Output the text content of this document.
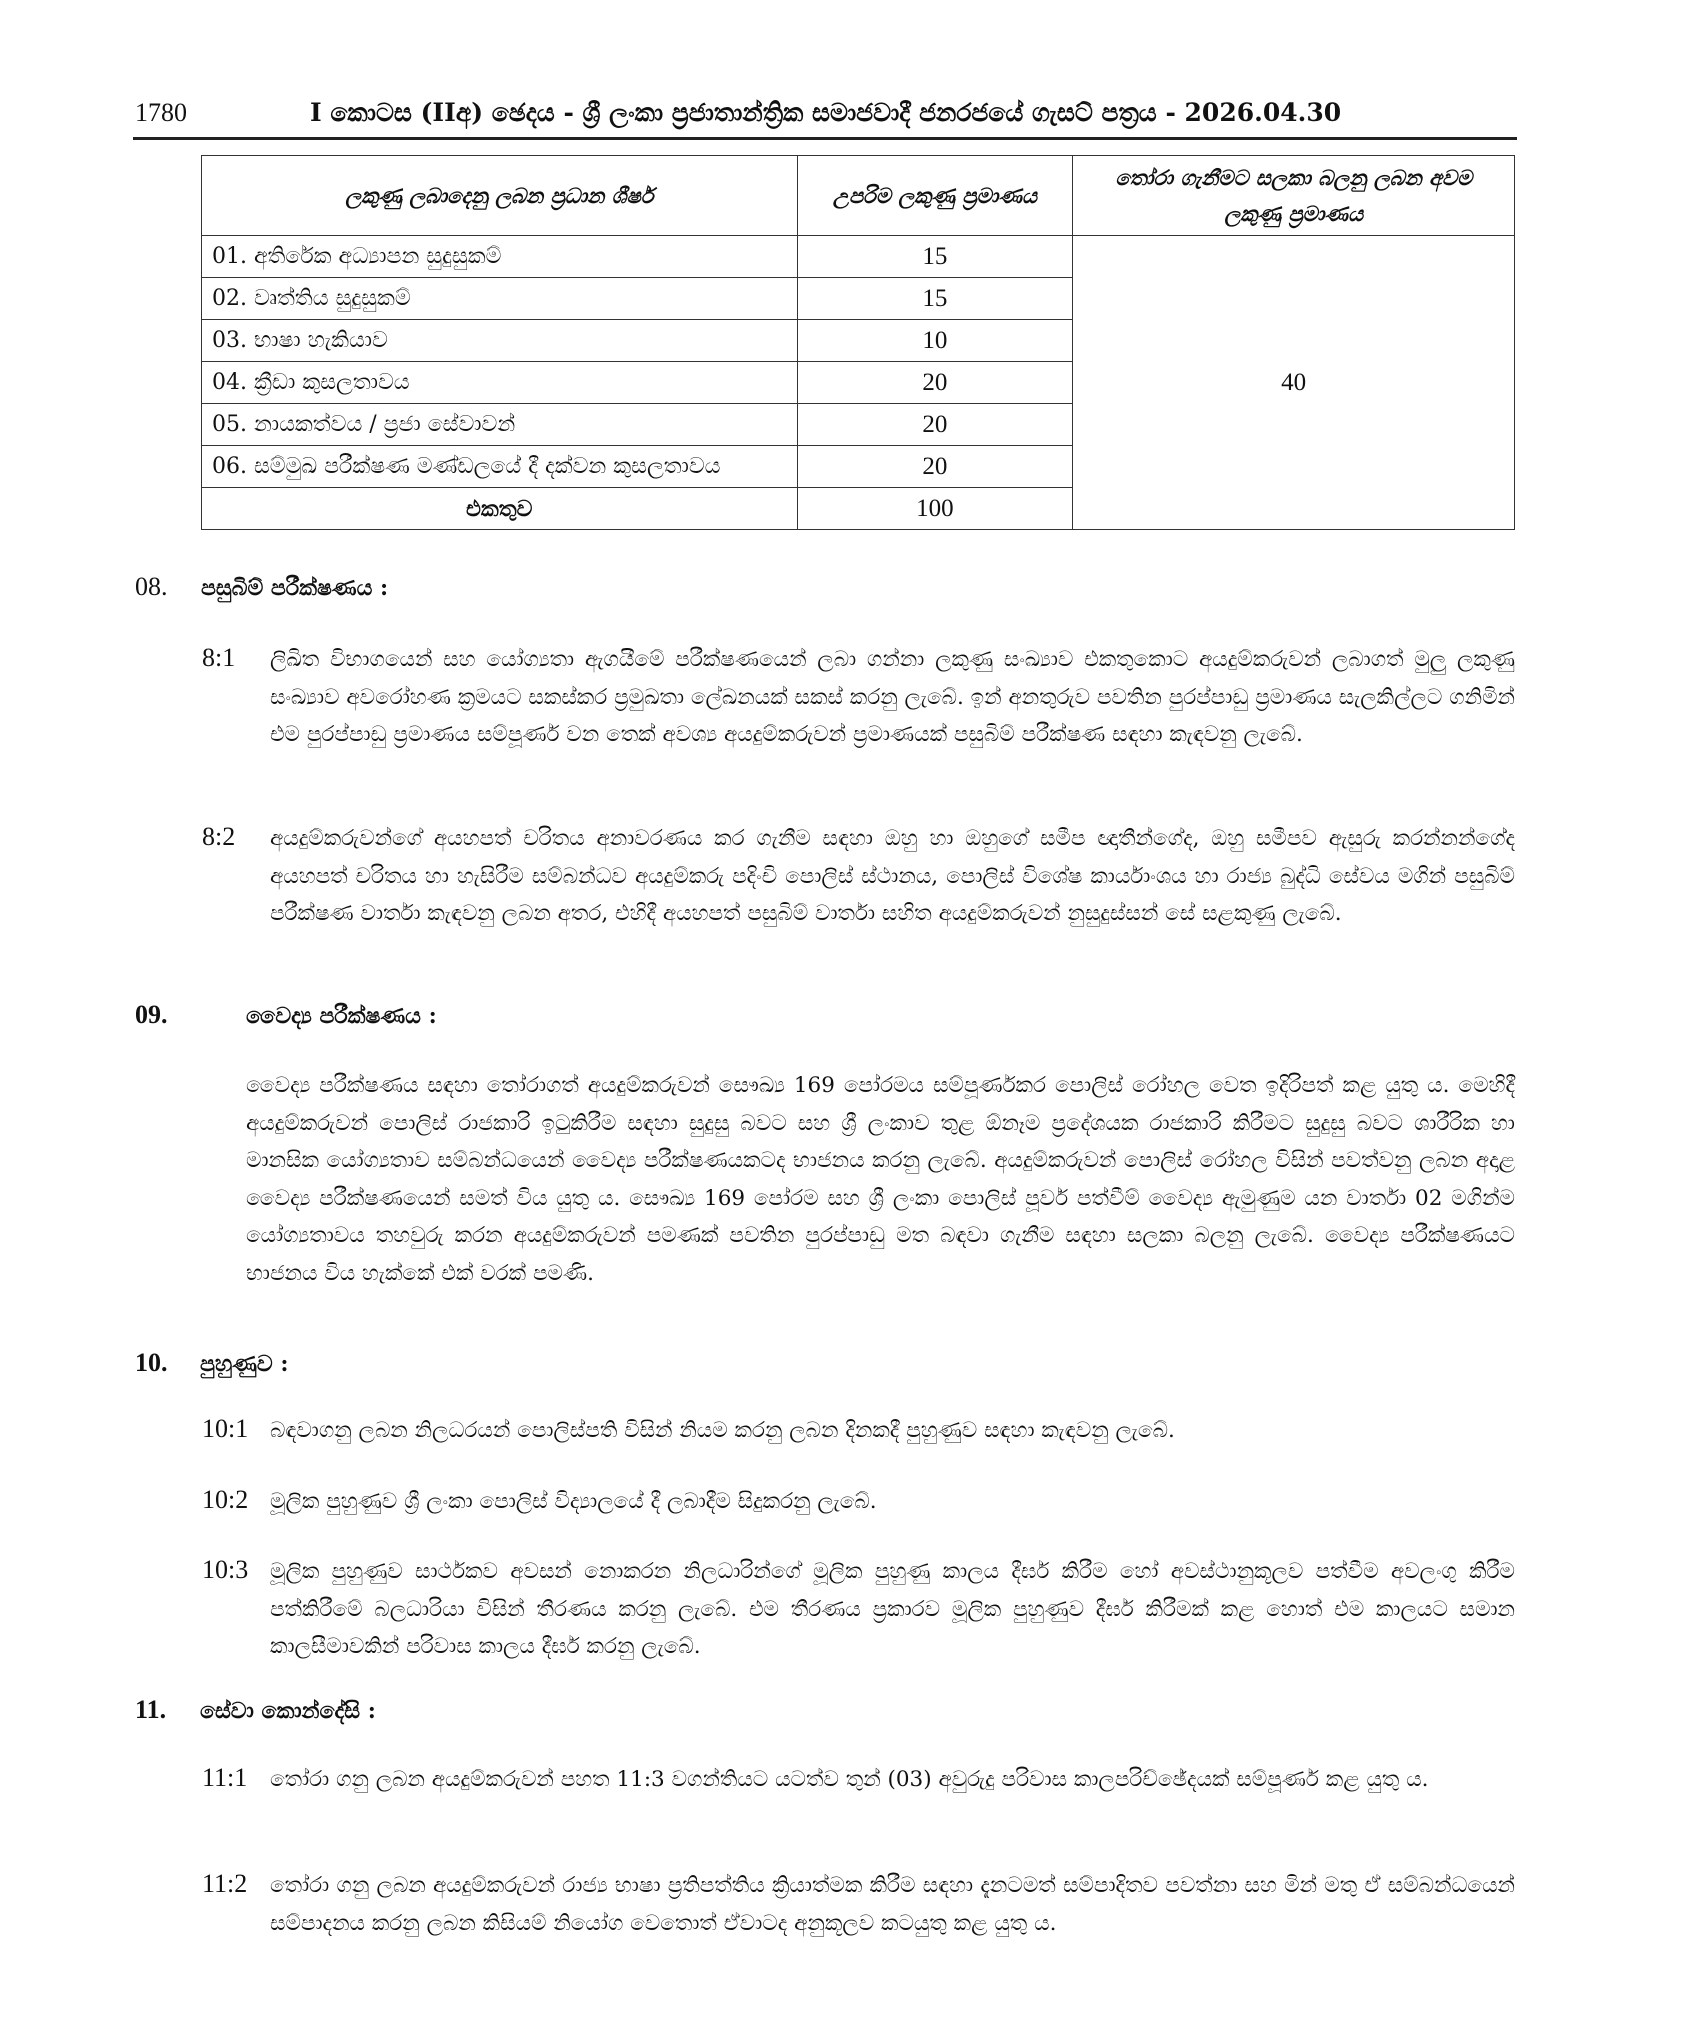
1780	I කොටස (IIඅ) ඡෙදය - ශ්‍රී ලංකා ප්‍රජාතාන්ත්‍රික සමාජවාදී ජනරජයේ ගැසට් පත්‍රය - 2026.04.30
ලකුණු ලබාදෙනු ලබන ප්‍රධාන ශීර්ෂ	උපරිම ලකුණු ප්‍රමාණය	තෝරා ගැනීමට සලකා බලනු ලබන අවම ලකුණු ප්‍රමාණය
01. අතිරේක අධ්‍යාපන සුදුසුකම්	15	40
02. වෘත්තිය සුදුසුකම්	15	
03. භාෂා හැකියාව	10	
04. ක්‍රීඩා කුසලතාවය	20	
05. නායකත්වය / ප්‍රජා සේවාවන්	20	
06. සම්මුඛ පරීක්ෂණ මණ්ඩලයේ දී දක්වන කුසලතාවය	20	
එකතුව	100	
08. පසුබිම් පරීක්ෂණය :
8:1 ලිඛිත විභාගයෙන් සහ යෝග්‍යතා ඇගයීමේ පරීක්ෂණයෙන් ලබා ගන්නා ලකුණු සංඛ්‍යාව එකතුකොට අයදුම්කරුවන් ලබාගත් මුලු ලකුණු සංඛ්‍යාව අවරෝහණ ක්‍රමයට සකස්කර ප්‍රමුඛතා ලේඛනයක් සකස් කරනු ලැබේ. ඉන් අනතුරුව පවතින පුරප්පාඩු ප්‍රමාණය සැලකිල්ලට ගනිමින් එම පුරප්පාඩු ප්‍රමාණය සම්පූර්ණ වන තෙක් අවශ්‍ය අයදුම්කරුවන් ප්‍රමාණයක් පසුබිම් පරීක්ෂණ සඳහා කැඳවනු ලැබේ.
8:2 අයදුම්කරුවන්ගේ අයහපත් චරිතය අනාවරණය කර ගැනීම සඳහා ඔහු හා ඔහුගේ සමීප ඥාතීන්ගේද, ඔහු සමීපව ඇසුරු කරන්නන්ගේද අයහපත් චරිතය හා හැසිරීම සම්බන්ධව අයදුම්කරු පදිංචි පොලිස් ස්ථානය, පොලිස් විශේෂ කාර්යාංශය හා රාජ්‍ය බුද්ධි සේවය මගින් පසුබිම් පරීක්ෂණ වාර්තා කැඳවනු ලබන අතර, එහිදී අයහපත් පසුබිම් වාර්තා සහිත අයදුම්කරුවන් නුසුදුස්සන් සේ සළකුණු ලැබේ.
09.	වෛද්‍ය පරීක්ෂණය :
වෛද්‍ය පරීක්ෂණය සඳහා තෝරාගත් අයදුම්කරුවන් සෞඛ්‍ය 169 පෝරමය සම්පූර්ණකර පොලිස් රෝහල වෙත ඉදිරිපත් කළ යුතු ය. මෙහිදී අයදුම්කරුවන් පොලිස් රාජකාරි ඉටුකිරීම සඳහා සුදුසු බවට සහ ශ්‍රී ලංකාව තුළ ඕනෑම ප්‍රදේශයක රාජකාරි කිරීමට සුදුසු බවට ශාරීරික හා මානසික යෝග්‍යතාව සම්බන්ධයෙන් වෛද්‍ය පරීක්ෂණයකටද භාජනය කරනු ලැබේ. අයදුම්කරුවන් පොලිස් රෝහල විසින් පවත්වනු ලබන අදාළ වෛද්‍ය පරීක්ෂණයෙන් සමත් විය යුතු ය. සෞඛ්‍ය 169 පෝරම සහ ශ්‍රී ලංකා පොලිස් පූර්ව පත්වීම් වෛද්‍ය ඇමුණුම යන වාර්තා 02 මගින්ම යෝග්‍යතාවය තහවුරු කරන අයදුම්කරුවන් පමණක් පවතින පුරප්පාඩු මත බඳවා ගැනීම සඳහා සලකා බලනු ලැබේ. වෛද්‍ය පරීක්ෂණයට භාජනය විය හැක්කේ එක් වරක් පමණි.
10. පුහුණුව :
10:1 බඳවාගනු ලබන නිලධරයන් පොලිස්පති විසින් නියම කරනු ලබන දිනකදී පුහුණුව සඳහා කැඳවනු ලැබේ.
10:2 මූලික පුහුණුව ශ්‍රී ලංකා පොලිස් විද්‍යාලයේ දී ලබාදීම සිදුකරනු ලැබේ.
10:3 මූලික පුහුණුව සාර්ථකව අවසන් නොකරන නිලධාරින්ගේ මූලික පුහුණු කාලය දීර්ඝ කිරීම හෝ අවස්ථානුකූලව පත්වීම අවලංගු කිරීම පත්කිරීමේ බලධාරියා විසින් තීරණය කරනු ලැබේ. එම තීරණය ප්‍රකාරව මූලික පුහුණුව දීර්ඝ කිරීමක් කළ හොත් එම කාලයට සමාන කාලසීමාවකින් පරිවාස කාලය දීර්ඝ කරනු ලැබේ.
11. සේවා කොන්දේසි :
11:1 තෝරා ගනු ලබන අයදුම්කරුවන් පහත 11:3 වගන්තියට යටත්ව තුන් (03) අවුරුදු පරිවාස කාලපරිච්ඡේදයක් සම්පූර්ණ කළ යුතු ය.
11:2 තෝරා ගනු ලබන අයදුම්කරුවන් රාජ්‍ය භාෂා ප්‍රතිපත්තිය ක්‍රියාත්මක කිරීම සඳහා දැනටමත් සම්පාදිතව පවත්නා සහ මින් මතු ඒ සම්බන්ධයෙන් සම්පාදනය කරනු ලබන කිසියම් නියෝග වෙතොත් ඒවාටද අනුකූලව කටයුතු කළ යුතු ය.
